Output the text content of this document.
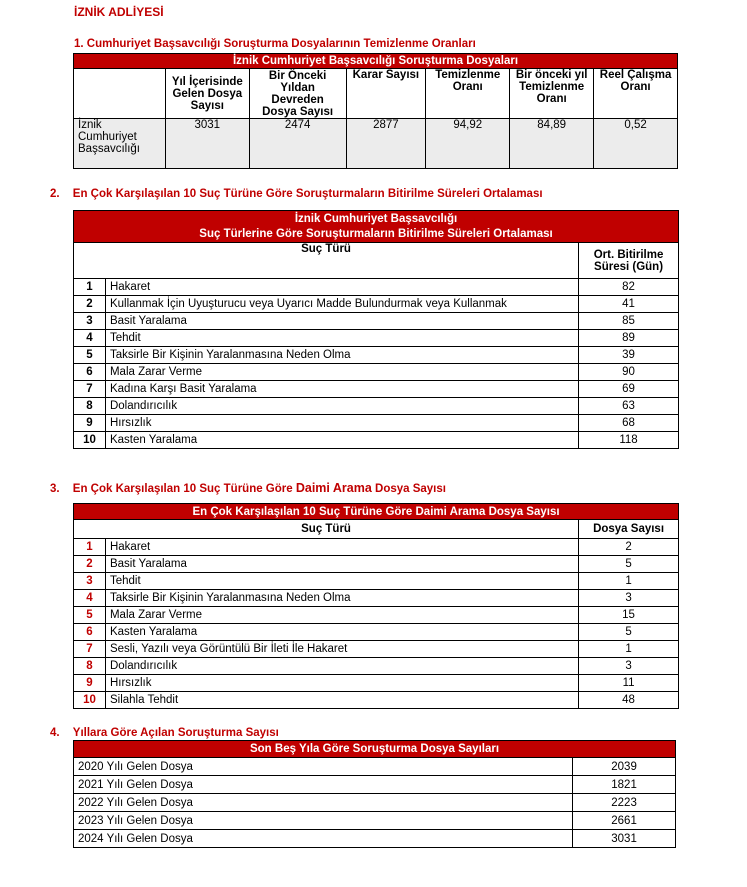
İZNİK ADLİYESİ
1. Cumhuriyet Başsavcılığı Soruşturma Dosyalarının Temizlenme Oranları
İznik Cumhuriyet Başsavcılığı Soruşturma Dosyaları						
	Yıl İçerisinde Gelen Dosya Sayısı	Bir Önceki Yıldan Devreden Dosya Sayısı	Karar Sayısı	Temizlenme Oranı	Bir önceki yıl Temizlenme Oranı	Reel Çalışma Oranı
İznik Cumhuriyet Başsavcılığı	3031	2474	2877	94,92	84,89	0,52
2. En Çok Karşılaşılan 10 Suç Türüne Göre Soruşturmaların Bitirilme Süreleri Ortalaması
İznik Cumhuriyet Başsavcılığı
Suç Türlerine Göre Soruşturmaların Bitirilme Süreleri Ortalaması		

Suç Türü		Ort. Bitirilme Süresi (Gün)
1	Hakaret	82
2	Kullanmak İçin Uyuşturucu veya Uyarıcı Madde Bulundurmak veya Kullanmak	41
3	Basit Yaralama	85
4	Tehdit	89
5	Taksirle Bir Kişinin Yaralanmasına Neden Olma	39
6	Mala Zarar Verme	90
7	Kadına Karşı Basit Yaralama	69
8	Dolandırıcılık	63
9	Hırsızlık	68
10	Kasten Yaralama	118
3. En Çok Karşılaşılan 10 Suç Türüne Göre Daimi Arama Dosya Sayısı
En Çok Karşılaşılan 10 Suç Türüne Göre Daimi Arama Dosya Sayısı		
Suç Türü		Dosya Sayısı
1	Hakaret	2
2	Basit Yaralama	5
3	Tehdit	1
4	Taksirle Bir Kişinin Yaralanmasına Neden Olma	3
5	Mala Zarar Verme	15
6	Kasten Yaralama	5
7	Sesli, Yazılı veya Görüntülü Bir İleti İle Hakaret	1
8	Dolandırıcılık	3
9	Hırsızlık	11
10	Silahla Tehdit	48
4. Yıllara Göre Açılan Soruşturma Sayısı
Son Beş Yıla Göre Soruşturma Dosya Sayıları	
2020 Yılı Gelen Dosya	2039
2021 Yılı Gelen Dosya	1821
2022 Yılı Gelen Dosya	2223
2023 Yılı Gelen Dosya	2661
2024 Yılı Gelen Dosya	3031
